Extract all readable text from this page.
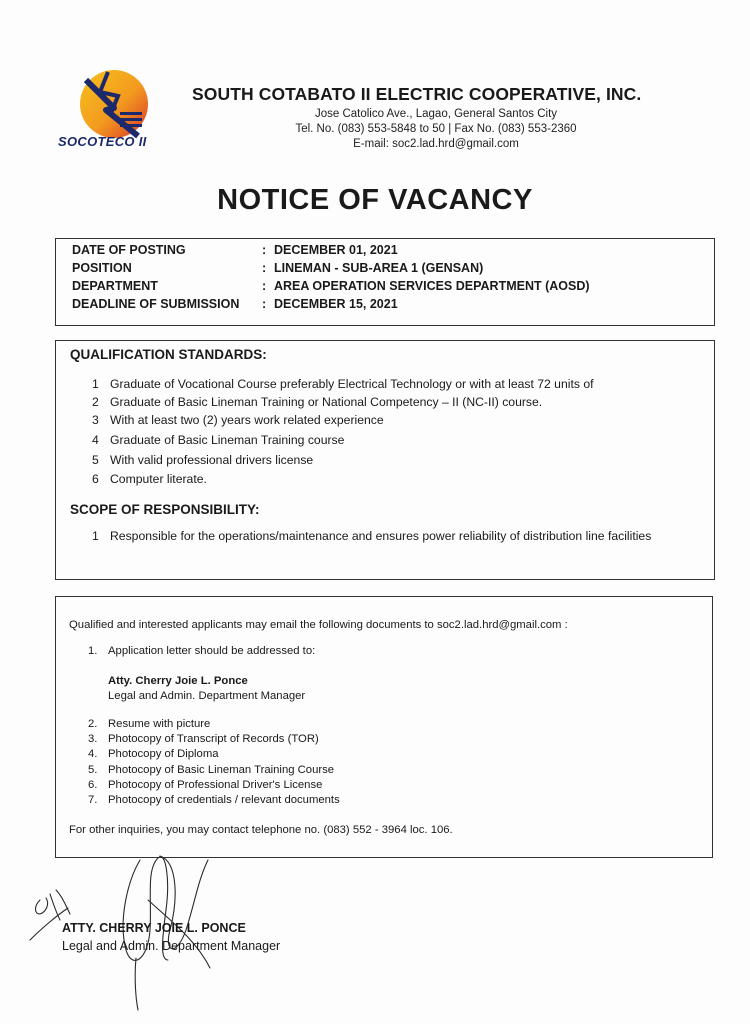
SOCOTECO II
SOUTH COTABATO II ELECTRIC COOPERATIVE, INC.
Jose Catolico Ave., Lagao, General Santos City
Tel. No. (083) 553-5848 to 50 | Fax No. (083) 553-2360
E-mail: soc2.lad.hrd@gmail.com
NOTICE OF VACANCY
DATE OF POSTING	: DECEMBER 01, 2021
POSITION	: LINEMAN - SUB-AREA 1 (GENSAN)
DEPARTMENT	: AREA OPERATION SERVICES DEPARTMENT (AOSD)
DEADLINE OF SUBMISSION : DECEMBER 15, 2021
QUALIFICATION STANDARDS:
1 Graduate of Vocational Course preferably Electrical Technology or with at least 72 units of
2 Graduate of Basic Lineman Training or National Competency – II (NC-II) course.
3 With at least two (2) years work related experience
4 Graduate of Basic Lineman Training course
5 With valid professional drivers license
6 Computer literate.
SCOPE OF RESPONSIBILITY:
1 Responsible for the operations/maintenance and ensures power reliability of distribution line facilities
Qualified and interested applicants may email the following documents to soc2.lad.hrd@gmail.com :
1. Application letter should be addressed to:
Atty. Cherry Joie L. Ponce
Legal and Admin. Department Manager
2. Resume with picture
3. Photocopy of Transcript of Records (TOR)
4. Photocopy of Diploma
5. Photocopy of Basic Lineman Training Course
6. Photocopy of Professional Driver's License
7. Photocopy of credentials / relevant documents
For other inquiries, you may contact telephone no. (083) 552 - 3964 loc. 106.
ATTY. CHERRY JOIE L. PONCE
Legal and Admin. Department Manager
